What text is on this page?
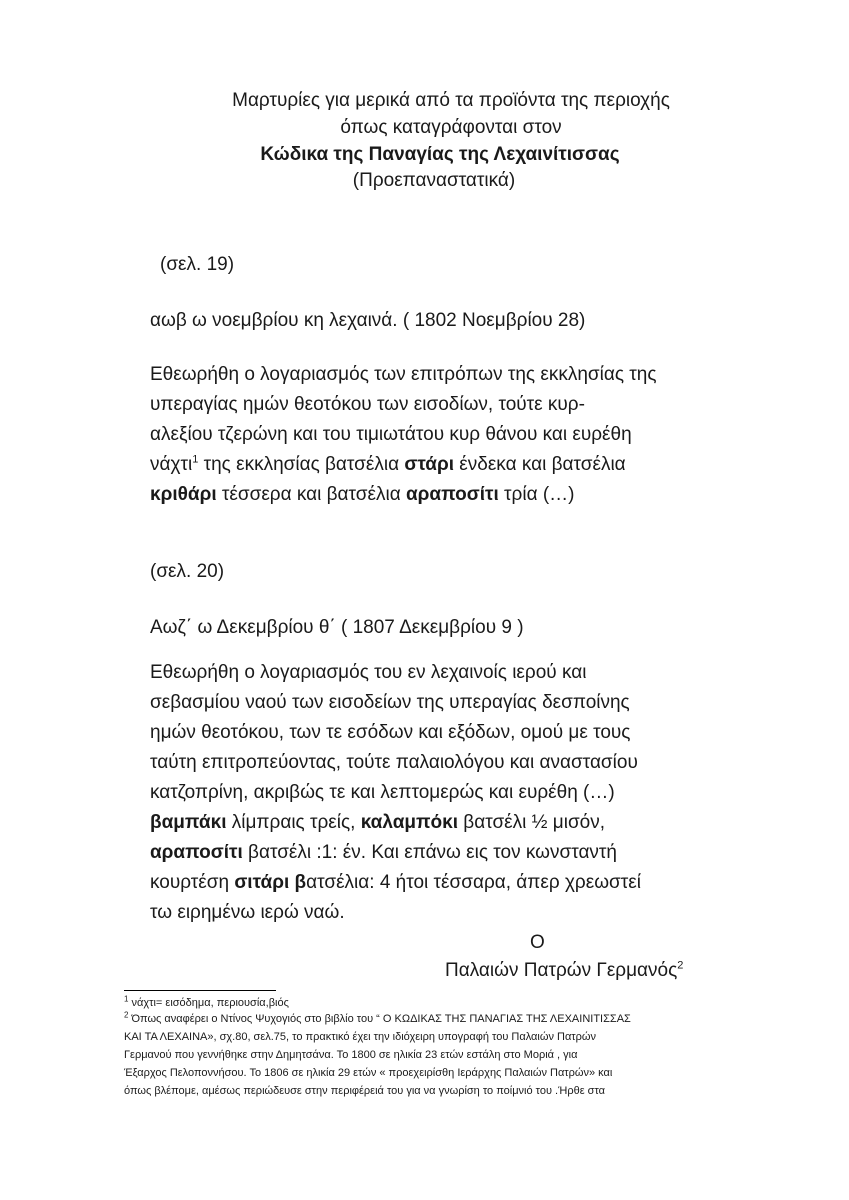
Μαρτυρίες για μερικά από τα προϊόντα της περιοχής
όπως καταγράφονται στον
Κώδικα της Παναγίας της Λεχαινίτισσας
(Προεπαναστατικά)
(σελ. 19)
αωβ ω νοεμβρίου κη λεχαινά. ( 1802 Νοεμβρίου 28)
Εθεωρήθη ο λογαριασμός των επιτρόπων της εκκλησίας της
υπεραγίας ημών θεοτόκου των εισοδίων, τούτε κυρ-
αλεξίου τζερώνη και του τιμιωτάτου κυρ θάνου και ευρέθη
νάχτι$^1$ της εκκλησίας βατσέλια στάρι ένδεκα και βατσέλια
κριθάρι τέσσερα και βατσέλια αραποσίτι τρία (…)
(σελ. 20)
Αωζ΄ ω Δεκεμβρίου θ΄ ( 1807 Δεκεμβρίου 9 )
Εθεωρήθη ο λογαριασμός του εν λεχαινοίς ιερού και
σεβασμίου ναού των εισοδείων της υπεραγίας δεσποίνης
ημών θεοτόκου, των τε εσόδων και εξόδων, ομού με τους
ταύτη επιτροπεύοντας, τούτε παλαιολόγου και αναστασίου
κατζοπρίνη, ακριβώς τε και λεπτομερώς και ευρέθη (…)
βαμπάκι λίμπραις τρείς, καλαμπόκι βατσέλι ½ μισόν,
αραποσίτι βατσέλι :1: έν. Και επάνω εις τον κωνσταντή
κουρτέση σιτάρι βατσέλια: 4 ήτοι τέσσαρα, άπερ χρεωστεί
τω ειρημένω ιερώ ναώ.
Ο
Παλαιών Πατρών Γερμανός$^2$
$^1$ νάχτι= εισόδημα, περιουσία,βιός
$^2$ Όπως αναφέρει ο Ντίνος Ψυχογιός στο βιβλίο του “ Ο ΚΩΔΙΚΑΣ ΤΗΣ ΠΑΝΑΓΙΑΣ ΤΗΣ ΛΕΧΑΙΝΙΤΙΣΣΑΣ
ΚΑΙ ΤΑ ΛΕΧΑΙΝΑ», σχ.80, σελ.75, το πρακτικό έχει την ιδιόχειρη υπογραφή του Παλαιών Πατρών
Γερμανού που γεννήθηκε στην Δημητσάνα. Το 1800 σε ηλικία 23 ετών εστάλη στο Μοριά , για
Έξαρχος Πελοποννήσου. Το 1806 σε ηλικία 29 ετών « προεχειρίσθη Ιεράρχης Παλαιών Πατρών» και
όπως βλέπομε, αμέσως περιώδευσε στην περιφέρειά του για να γνωρίση το ποίμνιό του .Ήρθε στα
